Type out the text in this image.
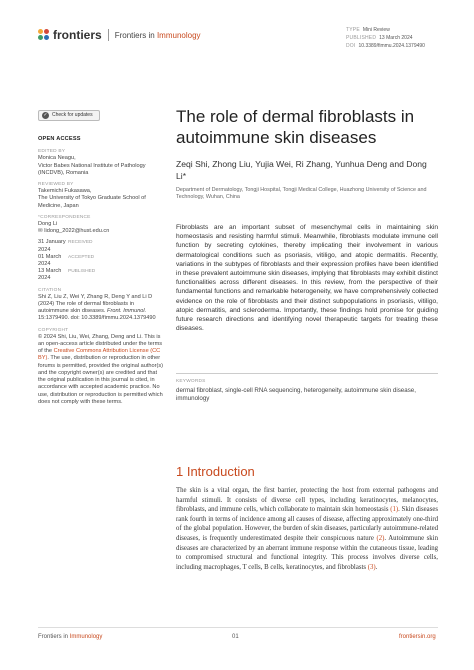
frontiers Frontiers in Immunology
TYPE Mini Review
PUBLISHED 13 March 2024
DOI 10.3389/fimmu.2024.1379490
✓ Check for updates
OPEN ACCESS
EDITED BY
Monica Neagu,
Victor Babes National Institute of Pathology (INCDVB), Romania
REVIEWED BY
Takemichi Fukasawa,
The University of Tokyo Graduate School of Medicine, Japan
*CORRESPONDENCE
Dong Li
✉ lidong_2022@hust.edu.cn
31 January 2024
RECEIVED
01 March 2024
ACCEPTED
13 March 2024
PUBLISHED
CITATION
Shi Z, Liu Z, Wei Y, Zhang R, Deng Y and Li D (2024) The role of dermal fibroblasts in autoimmune skin diseases. Front. Immunol. 15:1379490. doi: 10.3389/fimmu.2024.1379490
COPYRIGHT
© 2024 Shi, Liu, Wei, Zhang, Deng and Li. This is an open-access article distributed under the terms of the Creative Commons Attribution License (CC BY). The use, distribution or reproduction in other forums is permitted, provided the original author(s) and the copyright owner(s) are credited and that the original publication in this journal is cited, in accordance with accepted academic practice. No use, distribution or reproduction is permitted which does not comply with these terms.
The role of dermal fibroblasts in autoimmune skin diseases
Zeqi Shi, Zhong Liu, Yujia Wei, Ri Zhang, Yunhua Deng and Dong Li*
Department of Dermatology, Tongji Hospital, Tongji Medical College, Huazhong University of Science and Technology, Wuhan, China

Fibroblasts are an important subset of mesenchymal cells in maintaining skin homeostasis and resisting harmful stimuli. Meanwhile, fibroblasts modulate immune cell function by secreting cytokines, thereby implicating their involvement in various dermatological conditions such as psoriasis, vitiligo, and atopic dermatitis. Recently, variations in the subtypes of fibroblasts and their expression profiles have been identified in these prevalent autoimmune skin diseases, implying that fibroblasts may exhibit distinct functionalities across different diseases. In this review, from the perspective of their fundamental functions and remarkable heterogeneity, we have comprehensively collected evidence on the role of fibroblasts and their distinct subpopulations in psoriasis, vitiligo, atopic dermatitis, and scleroderma. Importantly, these findings hold promise for guiding future research directions and identifying novel therapeutic targets for treating these diseases.

1 Introduction

The skin is a vital organ, the first barrier, protecting the host from external pathogens and harmful stimuli. It consists of diverse cell types, including keratinocytes, melanocytes, fibroblasts, and immune cells, which collaborate to maintain skin homeostasis (1). Skin diseases rank fourth in terms of incidence among all causes of disease, affecting approximately one-third of the global population. However, the burden of skin diseases, particularly autoimmune-related diseases, is frequently underestimated despite their conspicuous nature (2). Autoimmune skin diseases are characterized by an aberrant immune response within the cutaneous tissue, leading to compromised structural and functional integrity. This process involves diverse cells, including macrophages, T cells, B cells, keratinocytes, and fibroblasts (3).

KEYWORDS
Frontiers in Immunology	01	frontiersin.org
dermal fibroblast, single-cell RNA sequencing, heterogeneity, autoimmune skin disease, immunology
